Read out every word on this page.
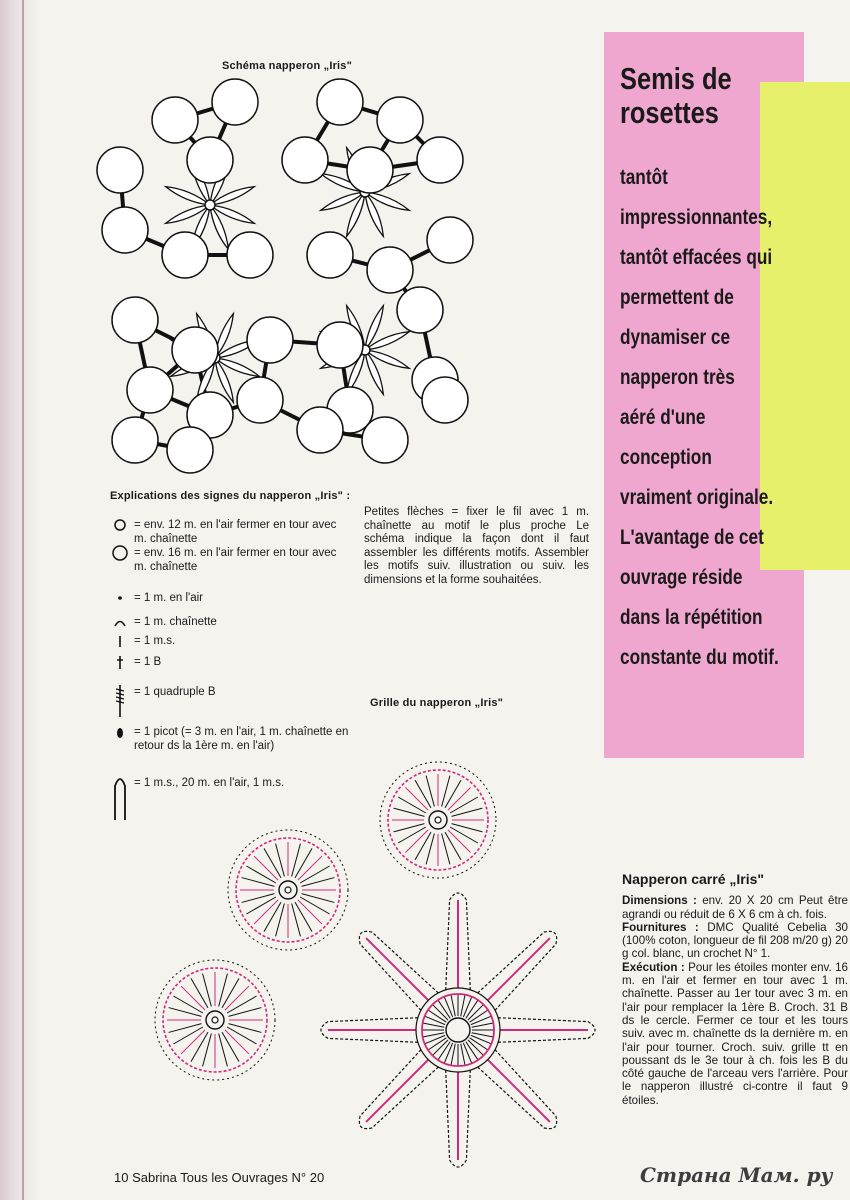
Schéma napperon „Iris"
Explications des signes du napperon „Iris" :
= env. 12 m. en l'air fermer en tour avec m. chaînette
= env. 16 m. en l'air fermer en tour avec m. chaînette
= 1 m. en l'air
= 1 m. chaînette
= 1 m.s.
= 1 B
= 1 quadruple B
= 1 picot (= 3 m. en l'air, 1 m. chaînette en retour ds la 1ère m. en l'air)
= 1 m.s., 20 m. en l'air, 1 m.s.
Petites flèches = fixer le fil avec 1 m. chaînette au motif le plus proche Le schéma indique la façon dont il faut assembler les différents motifs. Assembler les motifs suiv. illustration ou suiv. les dimensions et la forme souhaitées.
Grille du napperon „Iris"
Semis de
rosettes
tantôt
impressionnantes,
tantôt effacées qui
permettent de
dynamiser ce
napperon très
aéré d'une
conception
vraiment originale.
L'avantage de cet
ouvrage réside
dans la répétition
constante du motif.
Napperon carré „Iris"
Dimensions : env. 20 X 20 cm Peut être agrandi ou réduit de 6 X 6 cm à ch. fois.
Fournitures : DMC Qualité Cebelia 30 (100% coton, longueur de fil 208 m/20 g) 20 g col. blanc, un crochet N° 1.
Exécution : Pour les étoiles monter env. 16 m. en l'air et fermer en tour avec 1 m. chaînette. Passer au 1er tour avec 3 m. en l'air pour remplacer la 1ère B. Croch. 31 B ds le cercle. Fermer ce tour et les tours suiv. avec m. chaînette ds la dernière m. en l'air pour tourner. Croch. suiv. grille tt en poussant ds le 3e tour à ch. fois les B du côté gauche de l'arceau vers l'arrière. Pour le napperon illustré ci-contre il faut 9 étoiles.
10 Sabrina Tous les Ouvrages N° 20	Страна Мам. ру
